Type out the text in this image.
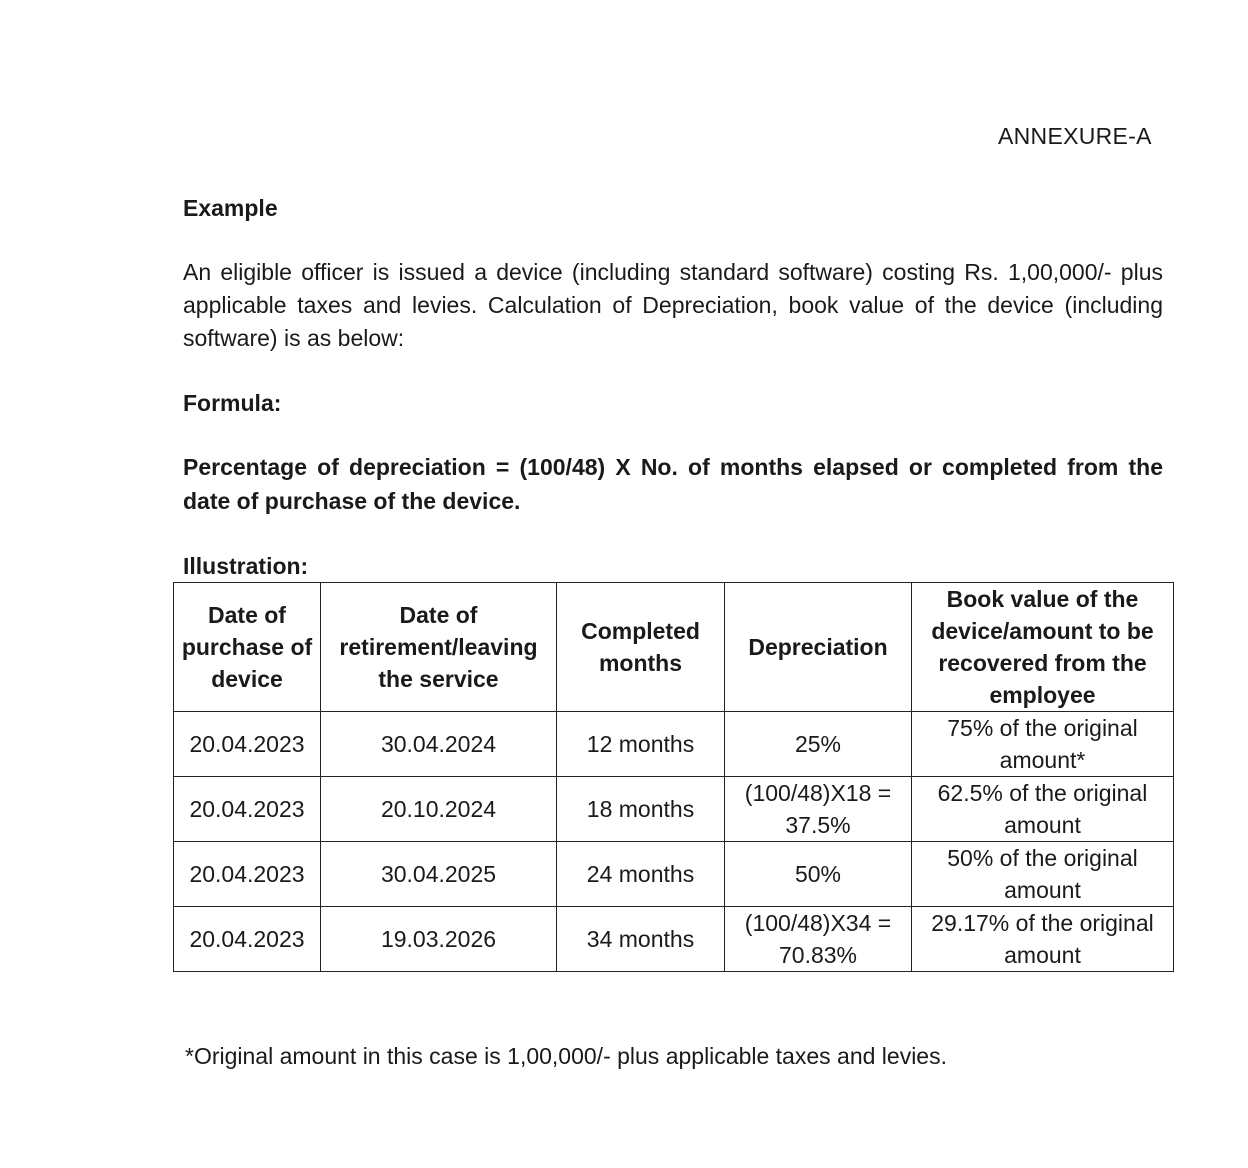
ANNEXURE-A
Example
An eligible officer is issued a device (including standard software) costing Rs. 1,00,000/- plus applicable taxes and levies. Calculation of Depreciation, book value of the device (including software) is as below:
Formula:
Percentage of depreciation = (100/48) X No. of months elapsed or completed from the date of purchase of the device.
Illustration:
Date of purchase of device	Date of retirement/leaving the service	Completed months	Depreciation	Book value of the device/amount to be recovered from the employee
20.04.2023	30.04.2024	12 months	25%	75% of the original amount*
20.04.2023	20.10.2024	18 months	(100/48)X18 = 37.5%	62.5% of the original amount
20.04.2023	30.04.2025	24 months	50%	50% of the original amount
20.04.2023	19.03.2026	34 months	(100/48)X34 = 70.83%	29.17% of the original amount
*Original amount in this case is 1,00,000/- plus applicable taxes and levies.
